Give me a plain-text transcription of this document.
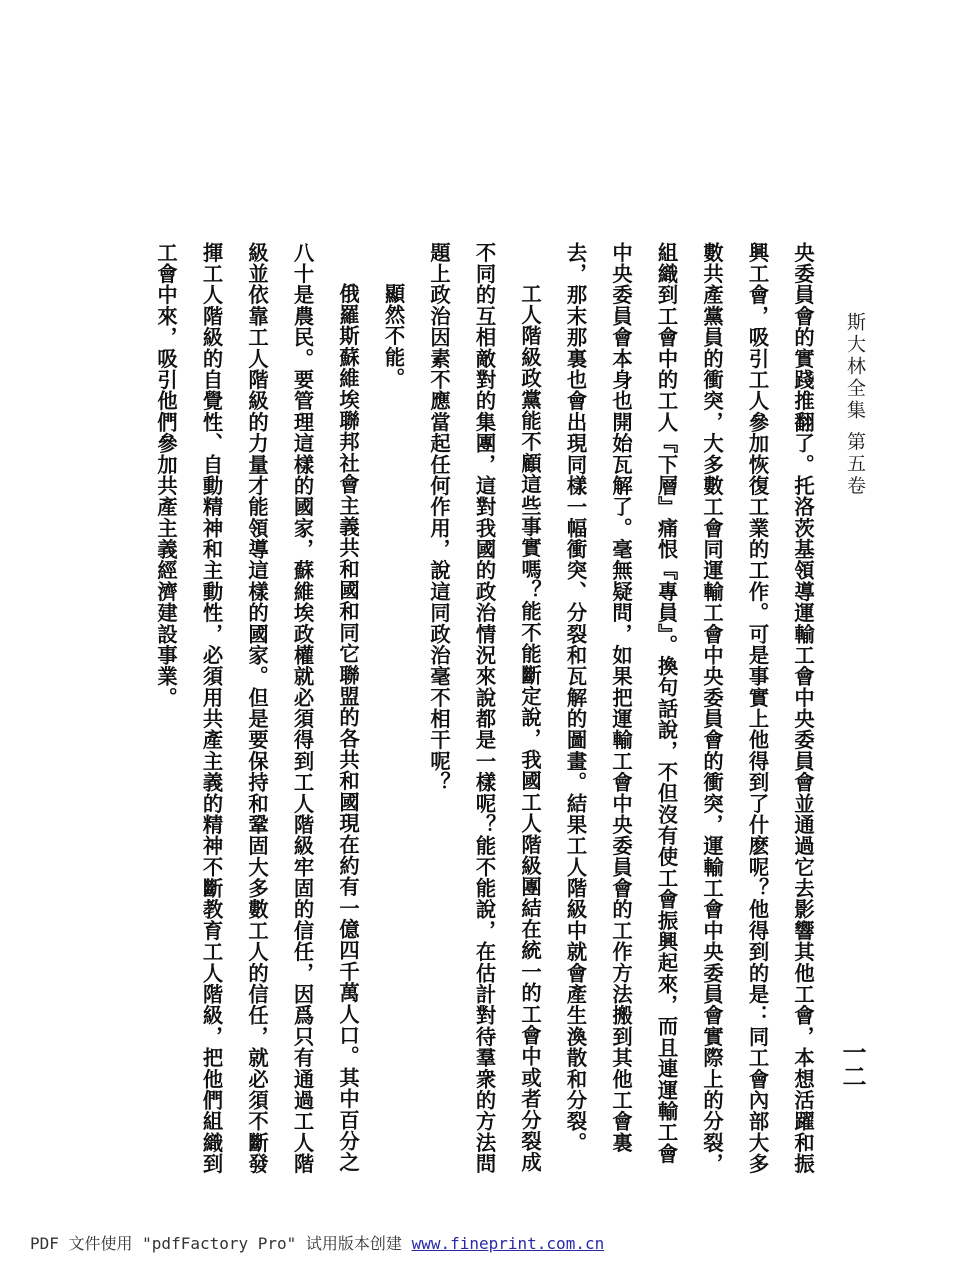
斯大林全集 第五卷
一二

央委員會的實踐推翻了。托洛茨基領導運輸工會中央委員會並通過它去影響其他工會，本想活躍和振興工會，吸引工人參加恢復工業的工作。可是事實上他得到了什麽呢？他得到的是：同工會內部大多數共產黨員的衝突，大多數工會同運輸工會中央委員會的衝突，運輸工會中央委員會實際上的分裂，組織到工會中的工人『下層』痛恨『專員』。換句話說，不但沒有使工會振興起來，而且連運輸工會中央委員會本身也開始瓦解了。毫無疑問，如果把運輸工會中央委員會的工作方法搬到其他工會裏去，那末那裏也會出現同樣一幅衝突、分裂和瓦解的圖畫。結果工人階級中就會產生渙散和分裂。

工人階級政黨能不顧這些事實嗎？能不能斷定說，我國工人階級團結在統一的工會中或者分裂成不同的互相敵對的集團，這對我國的政治情況來說都是一樣呢？能不能說，在估計對待羣衆的方法問題上政治因素不應當起任何作用，說這同政治毫不相干呢？

顯然不能。

俄羅斯蘇維埃聯邦社會主義共和國和同它聯盟的各共和國現在約有一億四千萬人口。其中百分之八十是農民。要管理這樣的國家，蘇維埃政權就必須得到工人階級牢固的信任，因爲只有通過工人階級並依靠工人階級的力量才能領導這樣的國家。但是要保持和鞏固大多數工人的信任，就必須不斷發揮工人階級的自覺性、自動精神和主動性，必須用共產主義的精神不斷教育工人階級，把他們組織到工會中來，吸引他們參加共產主義經濟建設事業。

PDF 文件使用 "pdfFactory Pro" 试用版本创建 www.fineprint.com.cn
